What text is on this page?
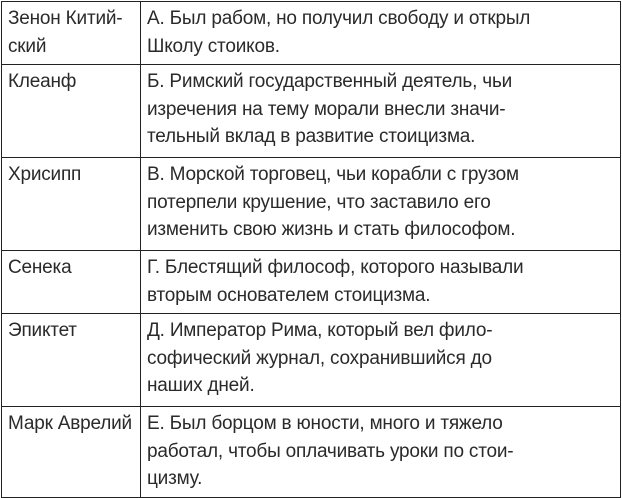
Зенон Китий-
ский	А. Был рабом, но получил свободу и открыл
Школу стоиков.

Клеанф	Б. Римский государственный деятель, чьи
изречения на тему морали внесли значи-
тельный вклад в развитие стоицизма.

Хрисипп	В. Морской торговец, чьи корабли с грузом
потерпели крушение, что заставило его
изменить свою жизнь и стать философом.

Сенека	Г. Блестящий философ, которого называли
вторым основателем стоицизма.

Эпиктет	Д. Император Рима, который вел фило-
софический журнал, сохранившийся до
наших дней.

Марк Аврелий	Е. Был борцом в юности, много и тяжело
работал, чтобы оплачивать уроки по стои-
цизму.
